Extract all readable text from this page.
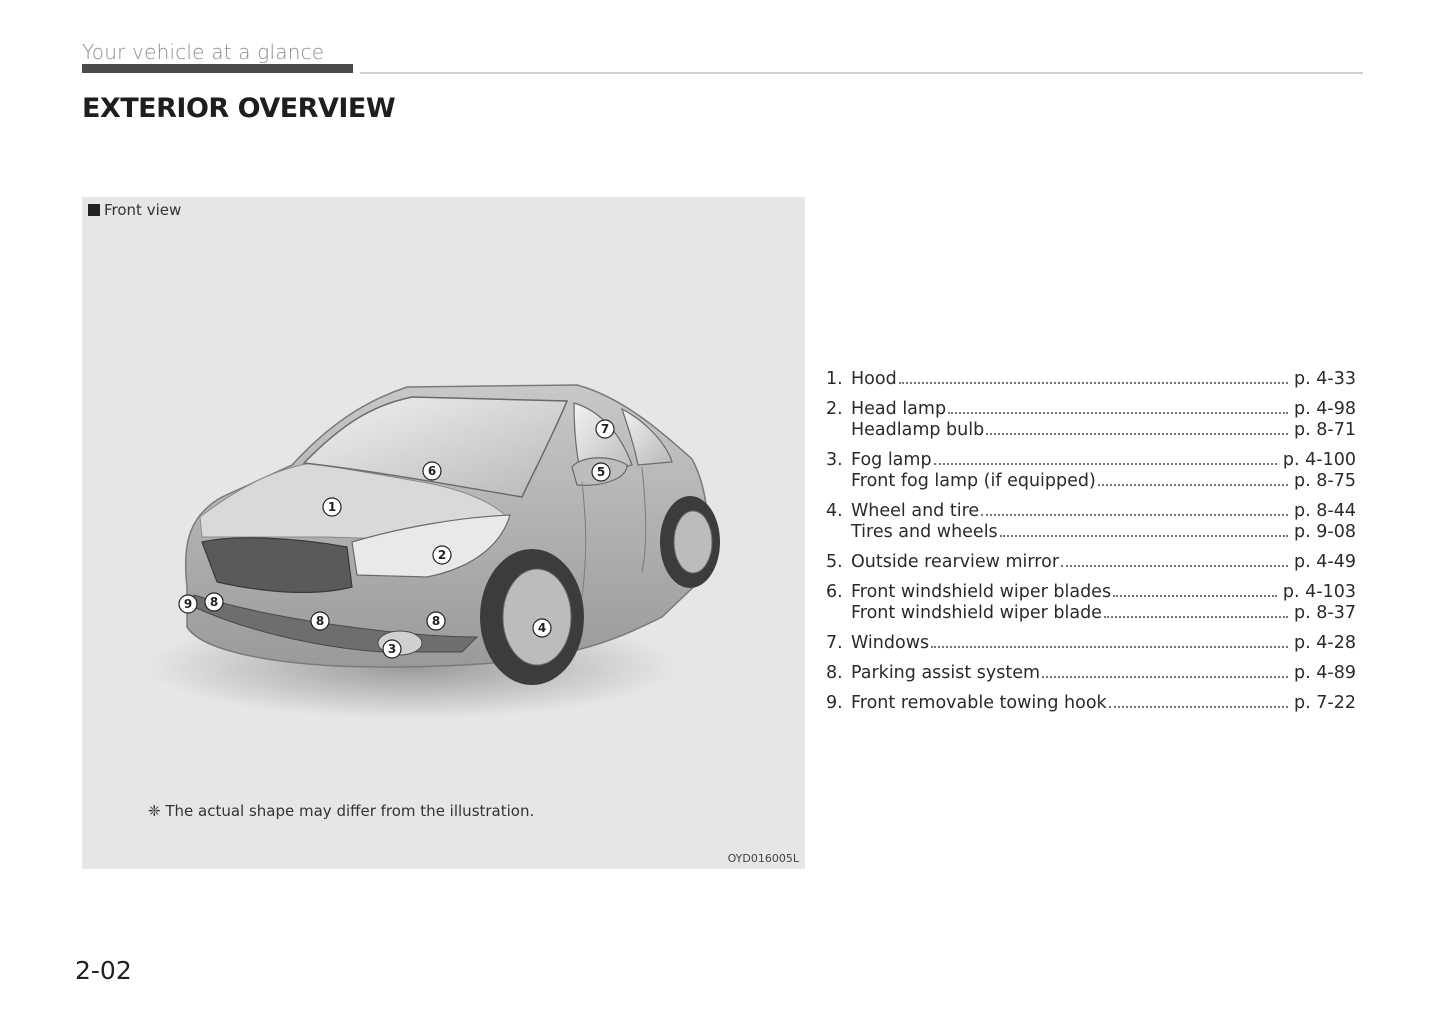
Your vehicle at a glance
EXTERIOR OVERVIEW
Front view
1
2
3
4
5
6
7
8
8	8
9
❈ The actual shape may differ from the illustration.
OYD016005L
1. Hood	p. 4-33
2. Head lamp	p. 4-98
Headlamp bulb	p. 8-71
3. Fog lamp	p. 4-100
Front fog lamp (if equipped)	p. 8-75
4. Wheel and tire	p. 8-44
Tires and wheels	p. 9-08
5. Outside rearview mirror	p. 4-49
6. Front windshield wiper blades	p. 4-103
Front windshield wiper blade	p. 8-37
7. Windows	p. 4-28
8. Parking assist system	p. 4-89
9. Front removable towing hook	p. 7-22
2-02
